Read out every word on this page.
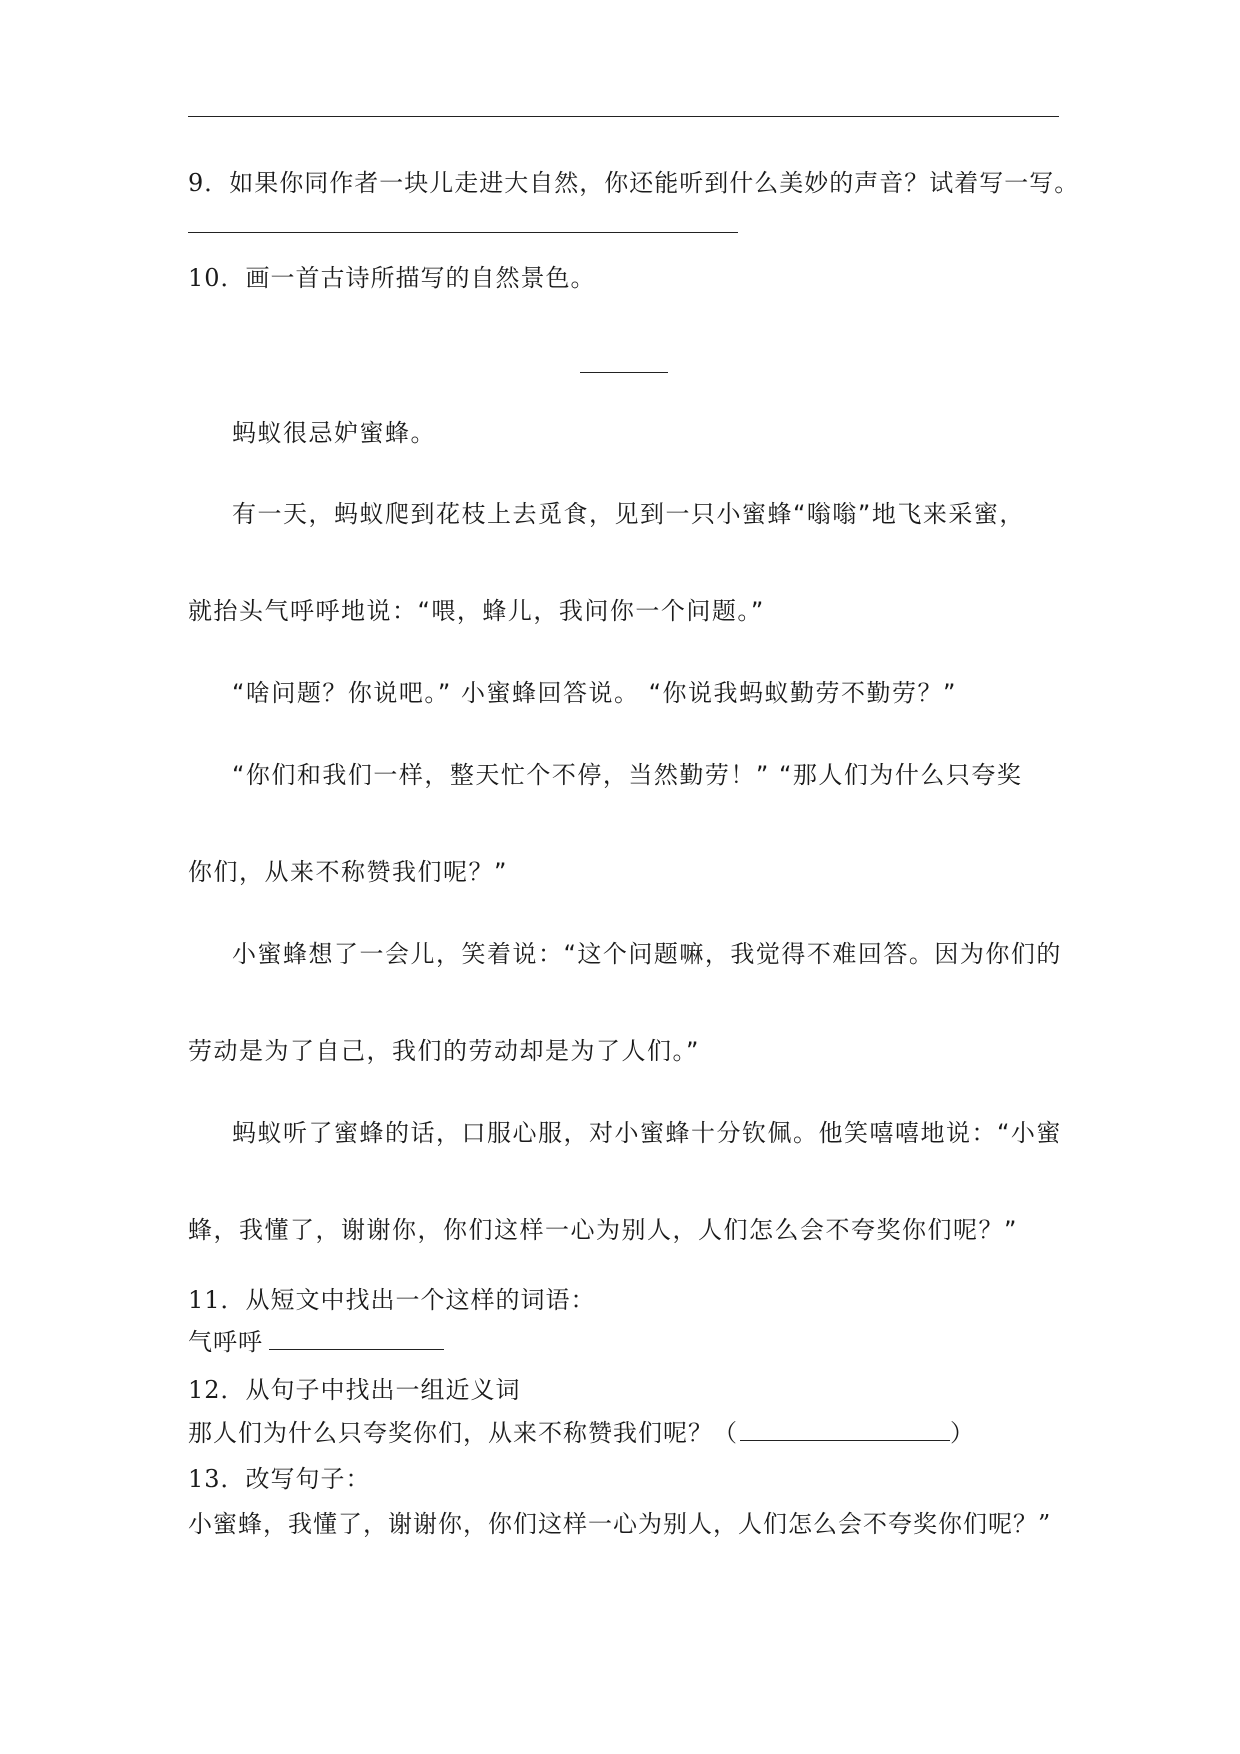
9．如果你同作者一块儿走进大自然，你还能听到什么美妙的声音？试着写一写。
10．画一首古诗所描写的自然景色。
蚂蚁很忌妒蜜蜂。
有一天，蚂蚁爬到花枝上去觅食，见到一只小蜜蜂“嗡嗡”地飞来采蜜，
就抬头气呼呼地说：“喂，蜂儿，我问你一个问题。”
“啥问题？你说吧。” 小蜜蜂回答说。 “你说我蚂蚁勤劳不勤劳？”
“你们和我们一样，整天忙个不停，当然勤劳！” “那人们为什么只夸奖
你们，从来不称赞我们呢？”
小蜜蜂想了一会儿，笑着说：“这个问题嘛，我觉得不难回答。因为你们的
劳动是为了自己，我们的劳动却是为了人们。”
蚂蚁听了蜜蜂的话，口服心服，对小蜜蜂十分钦佩。他笑嘻嘻地说：“小蜜
蜂，我懂了，谢谢你，你们这样一心为别人，人们怎么会不夸奖你们呢？”
11．从短文中找出一个这样的词语：
气呼呼
12．从句子中找出一组近义词
那人们为什么只夸奖你们，从来不称赞我们呢？（	）
13．改写句子：
小蜜蜂，我懂了，谢谢你，你们这样一心为别人，人们怎么会不夸奖你们呢？”
